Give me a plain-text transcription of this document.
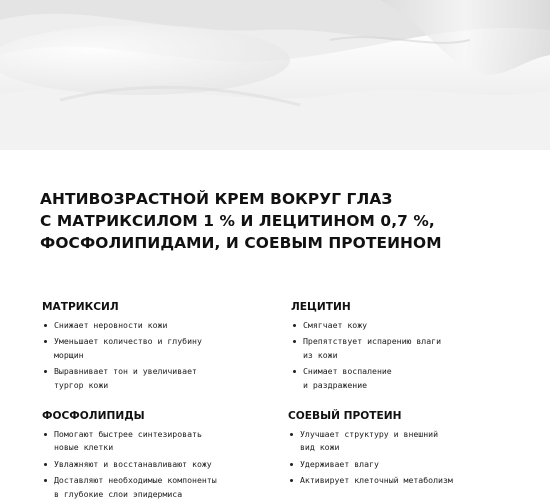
АНТИВОЗРАСТНОЙ КРЕМ ВОКРУГ ГЛАЗ
С МАТРИКСИЛОМ 1 % И ЛЕЦИТИНОМ 0,7 %,
ФОСФОЛИПИДАМИ, И СОЕВЫМ ПРОТЕИНОМ
МАТРИКСИЛ
Снижает неровности кожи
Уменьшает количество и глубину
морщин
Выравнивает тон и увеличивает
тургор кожи
ЛЕЦИТИН
Смягчает кожу
Препятствует испарению влаги
из кожи
Снимает воспаление
и раздражение
ФОСФОЛИПИДЫ
Помогают быстрее синтезировать
новые клетки
Увлажняют и восстанавливают кожу
Доставляют необходимые компоненты
в глубокие слои эпидермиса
СОЕВЫЙ ПРОТЕИН
Улучшает структуру и внешний
вид кожи
Удерживает влагу
Активирует клеточный метаболизм
